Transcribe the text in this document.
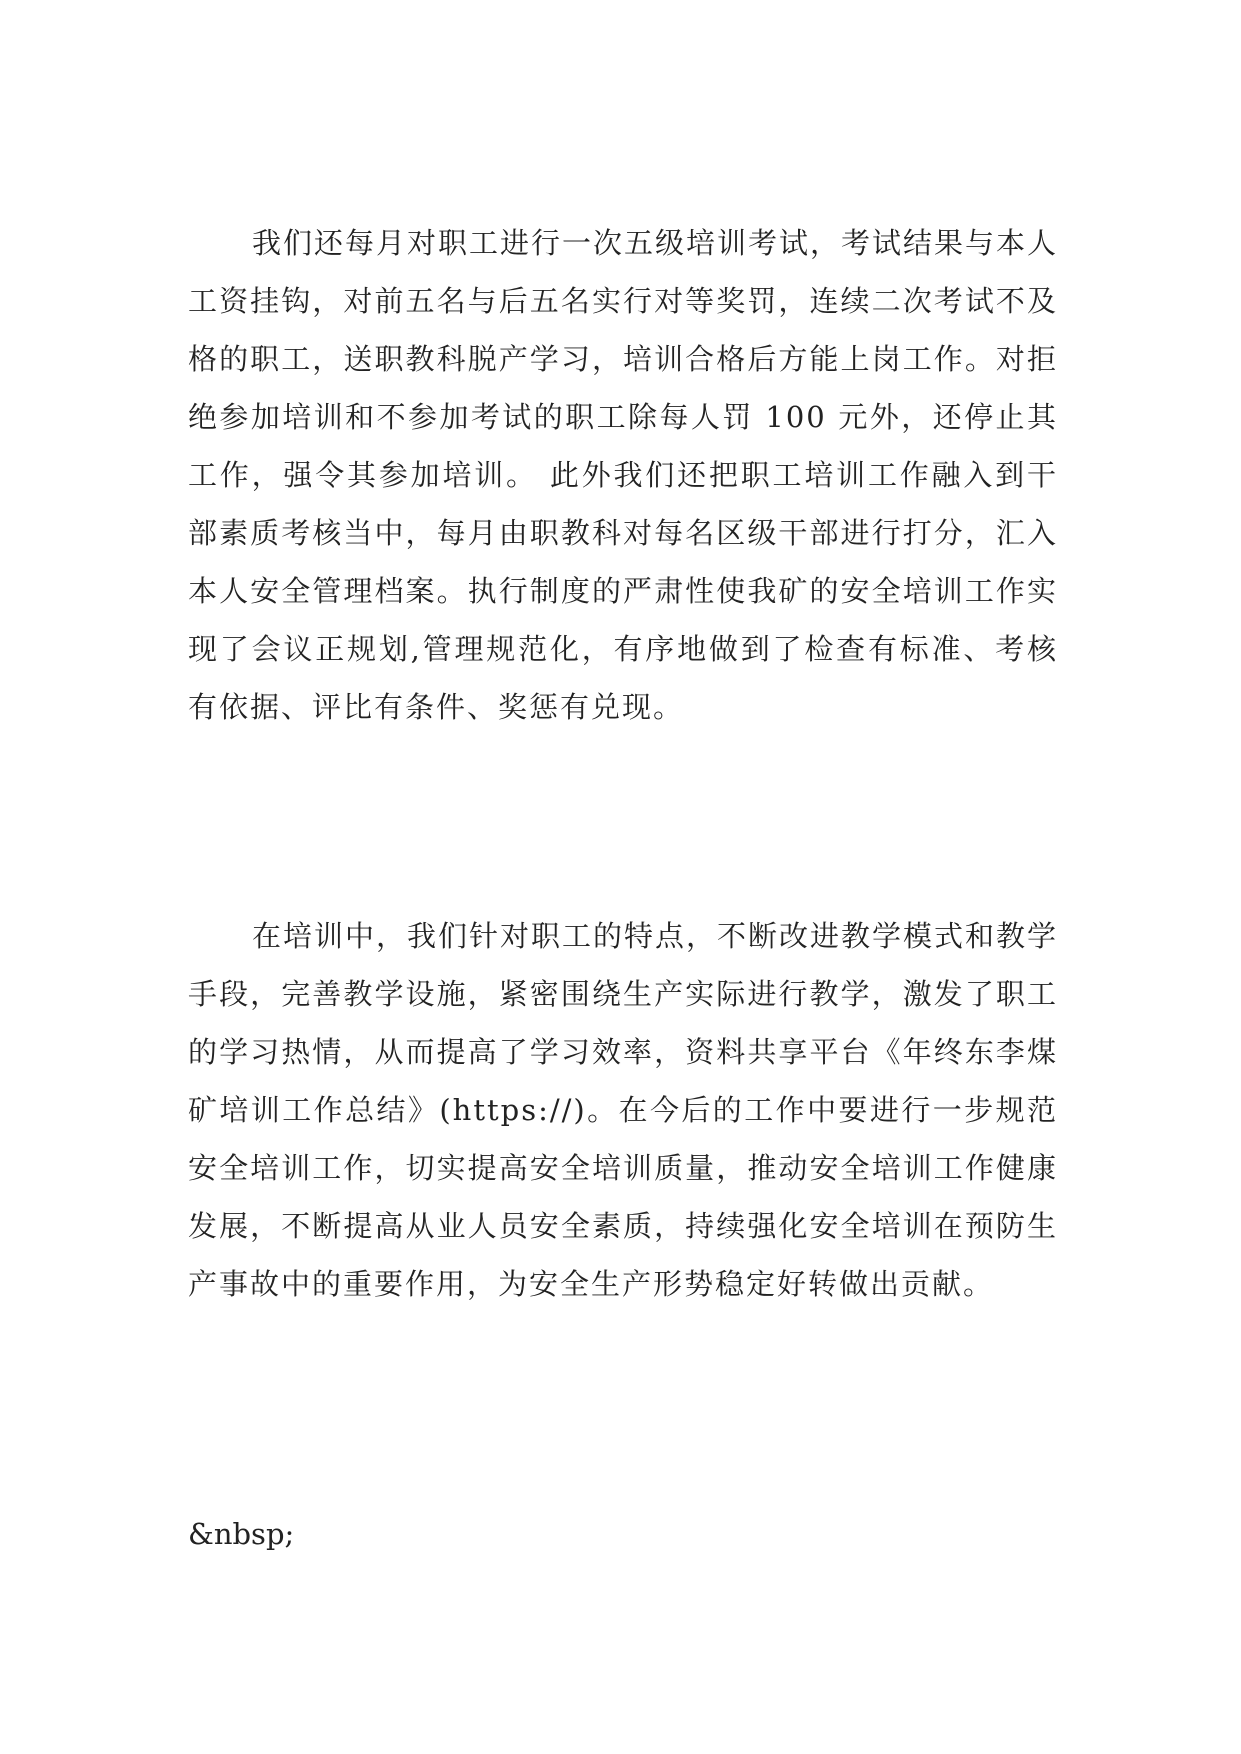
我们还每月对职工进行一次五级培训考试，考试结果与本人工资挂钩，对前五名与后五名实行对等奖罚，连续二次考试不及格的职工，送职教科脱产学习，培训合格后方能上岗工作。对拒绝参加培训和不参加考试的职工除每人罚 100 元外，还停止其工作，强令其参加培训。 此外我们还把职工培训工作融入到干部素质考核当中，每月由职教科对每名区级干部进行打分，汇入本人安全管理档案。执行制度的严肃性使我矿的安全培训工作实现了会议正规划,管理规范化，有序地做到了检查有标准、考核有依据、评比有条件、奖惩有兑现。

在培训中，我们针对职工的特点，不断改进教学模式和教学手段，完善教学设施，紧密围绕生产实际进行教学，激发了职工的学习热情，从而提高了学习效率，资料共享平台《年终东李煤矿培训工作总结》(https://)。在今后的工作中要进行一步规范安全培训工作，切实提高安全培训质量，推动安全培训工作健康发展，不断提高从业人员安全素质，持续强化安全培训在预防生产事故中的重要作用，为安全生产形势稳定好转做出贡献。

&nbsp;
